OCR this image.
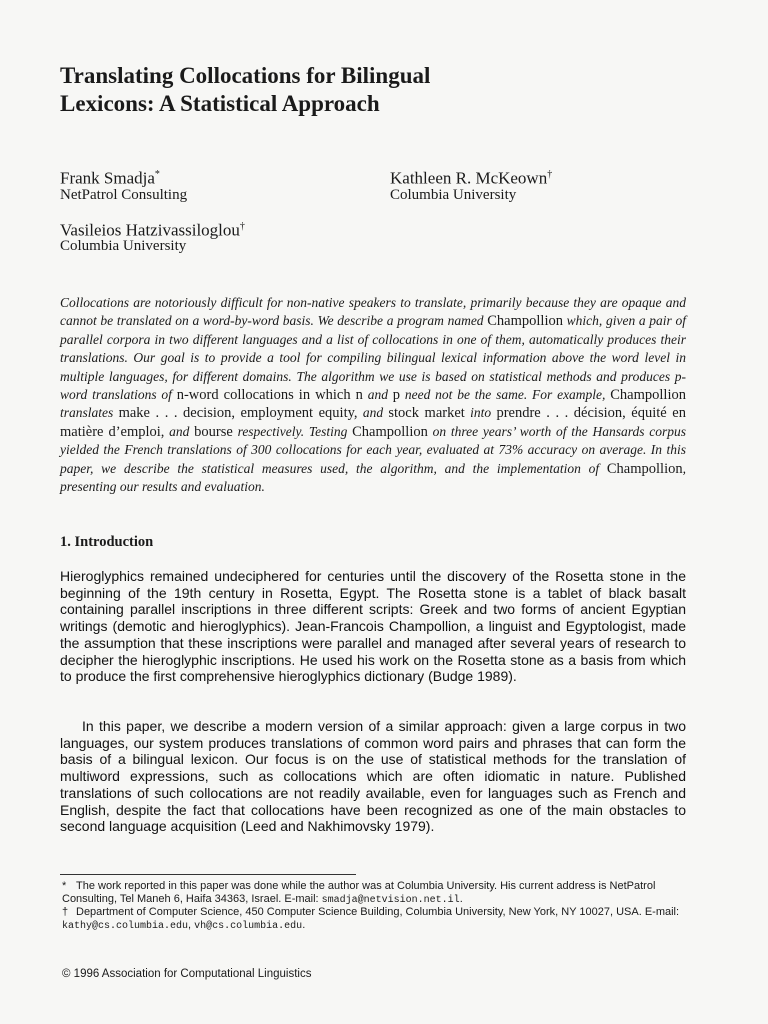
Translating Collocations for Bilingual
Lexicons: A Statistical Approach
Frank Smadja*
NetPatrol Consulting
Kathleen R. McKeown†
Columbia University
Vasileios Hatzivassiloglou†
Columbia University

Collocations are notoriously difficult for non-native speakers to translate, primarily because they are opaque and cannot be translated on a word-by-word basis. We describe a program named Champollion which, given a pair of parallel corpora in two different languages and a list of collocations in one of them, automatically produces their translations. Our goal is to provide a tool for compiling bilingual lexical information above the word level in multiple languages, for different domains. The algorithm we use is based on statistical methods and produces p-word translations of n-word collocations in which n and p need not be the same. For example, Champollion translates make . . . decision, employment equity, and stock market into prendre . . . décision, équité en matière d’emploi, and bourse respectively. Testing Champollion on three years’ worth of the Hansards corpus yielded the French translations of 300 collocations for each year, evaluated at 73% accuracy on average. In this paper, we describe the statistical measures used, the algorithm, and the implementation of Champollion, presenting our results and evaluation.

1. Introduction

Hieroglyphics remained undeciphered for centuries until the discovery of the Rosetta stone in the beginning of the 19th century in Rosetta, Egypt. The Rosetta stone is a tablet of black basalt containing parallel inscriptions in three different scripts: Greek and two forms of ancient Egyptian writings (demotic and hieroglyphics). Jean-Francois Champollion, a linguist and Egyptologist, made the assumption that these inscriptions were parallel and managed after several years of research to decipher the hieroglyphic inscriptions. He used his work on the Rosetta stone as a basis from which to produce the first comprehensive hieroglyphics dictionary (Budge 1989).

In this paper, we describe a modern version of a similar approach: given a large corpus in two languages, our system produces translations of common word pairs and phrases that can form the basis of a bilingual lexicon. Our focus is on the use of statistical methods for the translation of multiword expressions, such as collocations which are often idiomatic in nature. Published translations of such collocations are not readily available, even for languages such as French and English, despite the fact that collocations have been recognized as one of the main obstacles to second language acquisition (Leed and Nakhimovsky 1979).

* The work reported in this paper was done while the author was at Columbia University. His current address is NetPatrol Consulting, Tel Maneh 6, Haifa 34363, Israel. E-mail: smadja@netvision.net.il.

† Department of Computer Science, 450 Computer Science Building, Columbia University, New York, NY 10027, USA. E-mail: kathy@cs.columbia.edu, vh@cs.columbia.edu.

© 1996 Association for Computational Linguistics
